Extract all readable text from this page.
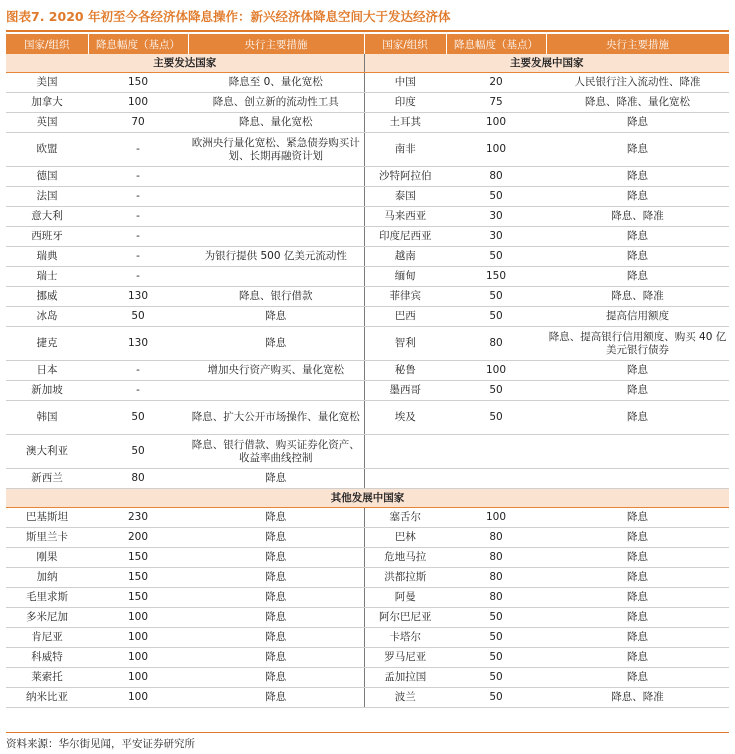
图表7. 2020 年初至今各经济体降息操作：新兴经济体降息空间大于发达经济体
国家/组织	降息幅度（基点）	央行主要措施	国家/组织	降息幅度（基点）	央行主要措施
主要发达国家			主要发展中国家		
美国	150	降息至 0、量化宽松	中国	20	人民银行注入流动性、降准
加拿大	100	降息、创立新的流动性工具	印度	75	降息、降准、量化宽松
英国	70	降息、量化宽松	土耳其	100	降息
欧盟	-	欧洲央行量化宽松、紧急债券购买计划、长期再融资计划	南非	100	降息
德国	-		沙特阿拉伯	80	降息
法国	-		泰国	50	降息
意大利	-		马来西亚	30	降息、降准
西班牙	-		印度尼西亚	30	降息
瑞典	-	为银行提供 500 亿美元流动性	越南	50	降息
瑞士	-		缅甸	150	降息
挪威	130	降息、银行借款	菲律宾	50	降息、降准
冰岛	50	降息	巴西	50	提高信用额度
捷克	130	降息	智利	80	降息、提高银行信用额度、购买 40 亿美元银行债券
日本	-	增加央行资产购买、量化宽松	秘鲁	100	降息
新加坡	-		墨西哥	50	降息
韩国	50	降息、扩大公开市场操作、量化宽松	埃及	50	降息
澳大利亚	50	降息、银行借款、购买证券化资产、收益率曲线控制			
新西兰	80	降息			
其他发展中国家					
巴基斯坦	230	降息	塞舌尔	100	降息
斯里兰卡	200	降息	巴林	80	降息
刚果	150	降息	危地马拉	80	降息
加纳	150	降息	洪都拉斯	80	降息
毛里求斯	150	降息	阿曼	80	降息
多米尼加	100	降息	阿尔巴尼亚	50	降息
肯尼亚	100	降息	卡塔尔	50	降息
科威特	100	降息	罗马尼亚	50	降息
莱索托	100	降息	孟加拉国	50	降息
纳米比亚	100	降息	波兰	50	降息、降准
资料来源：华尔街见闻，平安证券研究所
